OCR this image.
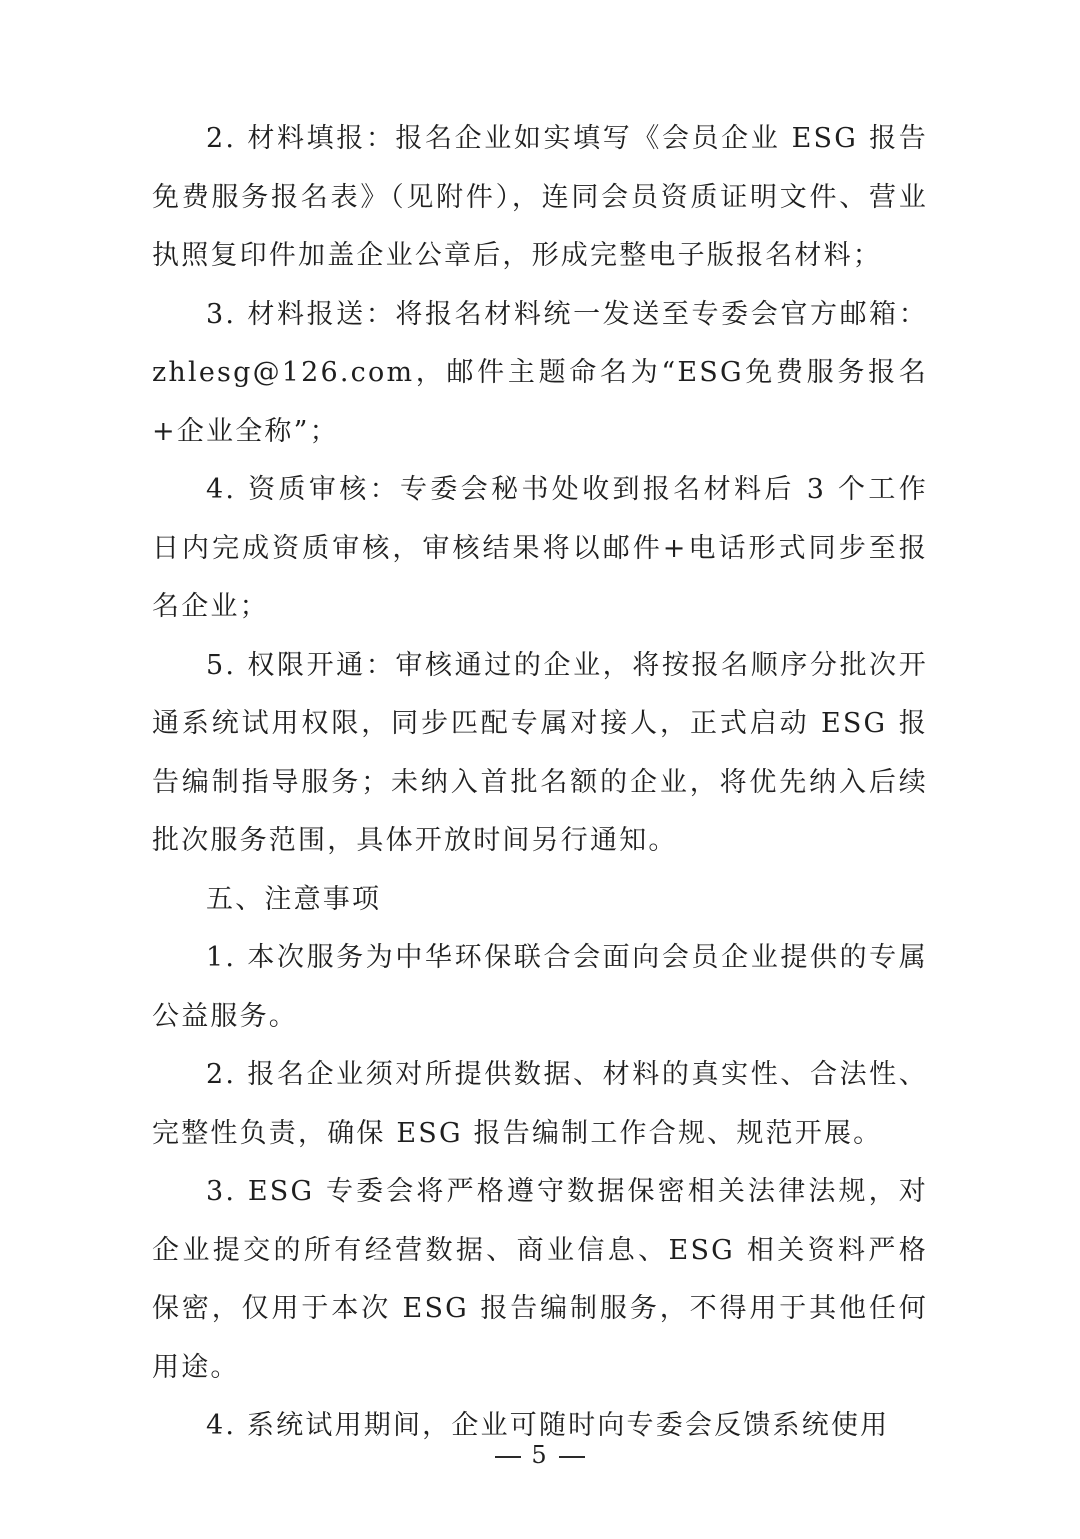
2. 材料填报：报名企业如实填写《会员企业 ESG 报告免费服务报名表》（见附件），连同会员资质证明文件、营业执照复印件加盖企业公章后，形成完整电子版报名材料；

3. 材料报送：将报名材料统一发送至专委会官方邮箱：zhlesg@126.com，邮件主题命名为“ESG免费服务报名+企业全称”；

4. 资质审核：专委会秘书处收到报名材料后 3 个工作日内完成资质审核，审核结果将以邮件+电话形式同步至报名企业；

5. 权限开通：审核通过的企业，将按报名顺序分批次开通系统试用权限，同步匹配专属对接人，正式启动 ESG 报告编制指导服务；未纳入首批名额的企业，将优先纳入后续批次服务范围，具体开放时间另行通知。

五、注意事项

1. 本次服务为中华环保联合会面向会员企业提供的专属公益服务。

2. 报名企业须对所提供数据、材料的真实性、合法性、完整性负责，确保 ESG 报告编制工作合规、规范开展。

3. ESG 专委会将严格遵守数据保密相关法律法规，对企业提交的所有经营数据、商业信息、ESG 相关资料严格保密，仅用于本次 ESG 报告编制服务，不得用于其他任何用途。

4. 系统试用期间，企业可随时向专委会反馈系统使用

5
